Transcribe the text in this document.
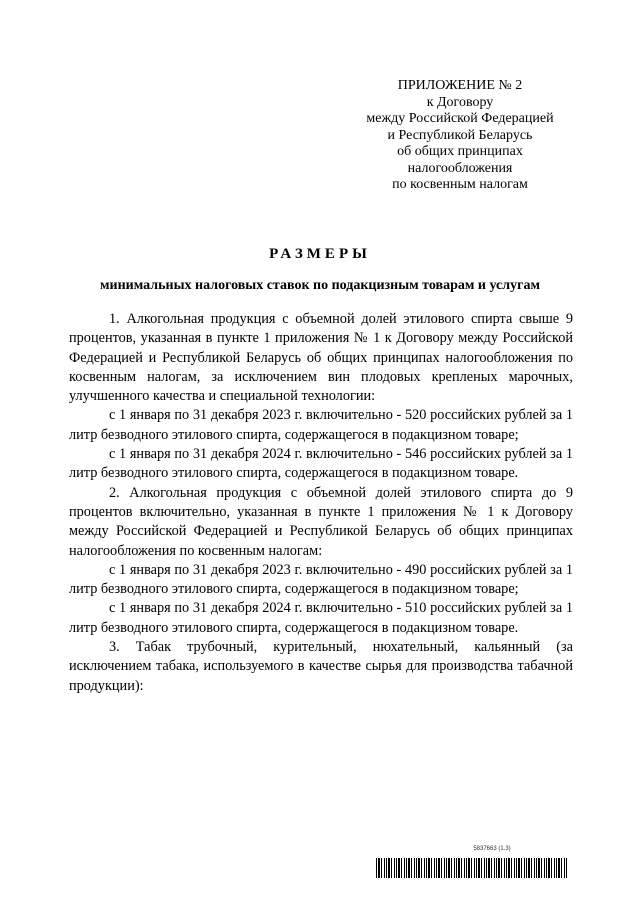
ПРИЛОЖЕНИЕ № 2
к Договору
между Российской Федерацией
и Республикой Беларусь
об общих принципах
налогообложения
по косвенным налогам
РАЗМЕРЫ
минимальных налоговых ставок по подакцизным товарам и услугам

1. Алкогольная продукция с объемной долей этилового спирта свыше 9 процентов, указанная в пункте 1 приложения № 1 к Договору между Российской Федерацией и Республикой Беларусь об общих принципах налогообложения по косвенным налогам, за исключением вин плодовых крепленых марочных, улучшенного качества и специальной технологии:

с 1 января по 31 декабря 2023 г. включительно - 520 российских рублей за 1 литр безводного этилового спирта, содержащегося в подакцизном товаре;

с 1 января по 31 декабря 2024 г. включительно - 546 российских рублей за 1 литр безводного этилового спирта, содержащегося в подакцизном товаре.

2. Алкогольная продукция с объемной долей этилового спирта до 9 процентов включительно, указанная в пункте 1 приложения № 1 к Договору между Российской Федерацией и Республикой Беларусь об общих принципах налогообложения по косвенным налогам:

с 1 января по 31 декабря 2023 г. включительно - 490 российских рублей за 1 литр безводного этилового спирта, содержащегося в подакцизном товаре;

с 1 января по 31 декабря 2024 г. включительно - 510 российских рублей за 1 литр безводного этилового спирта, содержащегося в подакцизном товаре.

3. Табак трубочный, курительный, нюхательный, кальянный (за исключением табака, используемого в качестве сырья для производства табачной продукции):

5837663 (1.3)
